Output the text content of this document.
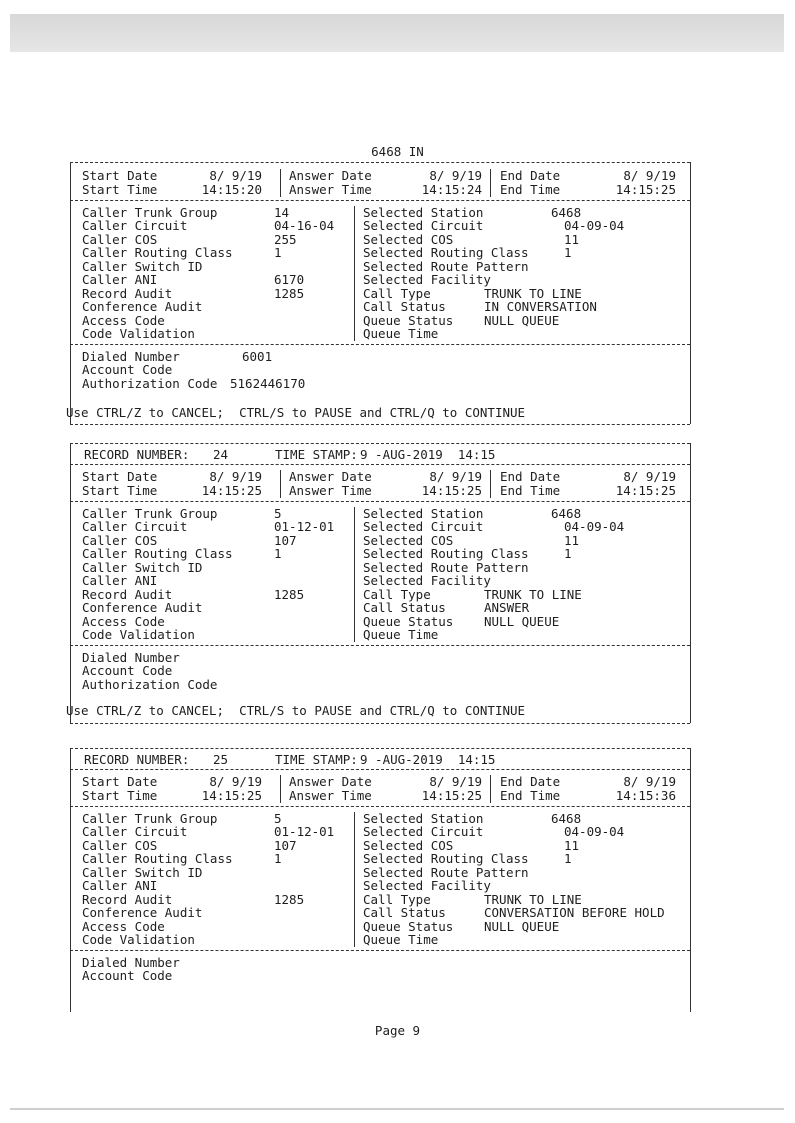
6468 IN
Start Date	8/ 9/19
Start Time	14:15:20
Answer Date	8/ 9/19
Answer Time	14:15:24
End Date	8/ 9/19
End Time	14:15:25
Caller Trunk Group	14
Caller Circuit	04-16-04
Caller COS	255
Caller Routing Class	1
Caller Switch ID
Caller ANI	6170
Record Audit	1285
Conference Audit
Access Code
Code Validation
Selected Station	6468
Selected Circuit	04-09-04
Selected COS	11
Selected Routing Class	1
Selected Route Pattern
Selected Facility
Call Type	TRUNK TO LINE
Call Status	IN CONVERSATION
Queue Status NULL QUEUE
Queue Time
Dialed Number	6001
Account Code
Authorization Code 5162446170
Use CTRL/Z to CANCEL;  CTRL/S to PAUSE and CTRL/Q to CONTINUE
RECORD NUMBER: 24	TIME STAMP: 9 -AUG-2019  14:15
Start Date	8/ 9/19
Start Time	14:15:25
Answer Date	8/ 9/19
Answer Time	14:15:25
End Date	8/ 9/19
End Time	14:15:25
Caller Trunk Group	5
Caller Circuit	01-12-01
Caller COS	107
Caller Routing Class	1
Caller Switch ID
Caller ANI
Record Audit	1285
Conference Audit
Access Code
Code Validation
Selected Station	6468
Selected Circuit	04-09-04
Selected COS	11
Selected Routing Class	1
Selected Route Pattern
Selected Facility
Call Type	TRUNK TO LINE
Call Status	ANSWER
Queue Status NULL QUEUE
Queue Time
Dialed Number
Account Code
Authorization Code
Use CTRL/Z to CANCEL;  CTRL/S to PAUSE and CTRL/Q to CONTINUE
RECORD NUMBER: 25	TIME STAMP: 9 -AUG-2019  14:15
Start Date	8/ 9/19
Start Time	14:15:25
Answer Date	8/ 9/19
Answer Time	14:15:25
End Date	8/ 9/19
End Time	14:15:36
Caller Trunk Group	5
Caller Circuit	01-12-01
Caller COS	107
Caller Routing Class	1
Caller Switch ID
Caller ANI
Record Audit	1285
Conference Audit
Access Code
Code Validation
Selected Station	6468
Selected Circuit	04-09-04
Selected COS	11
Selected Routing Class	1
Selected Route Pattern
Selected Facility
Call Type	TRUNK TO LINE
Call Status	CONVERSATION BEFORE HOLD
Queue Status NULL QUEUE
Queue Time
Dialed Number
Account Code
Page 9
